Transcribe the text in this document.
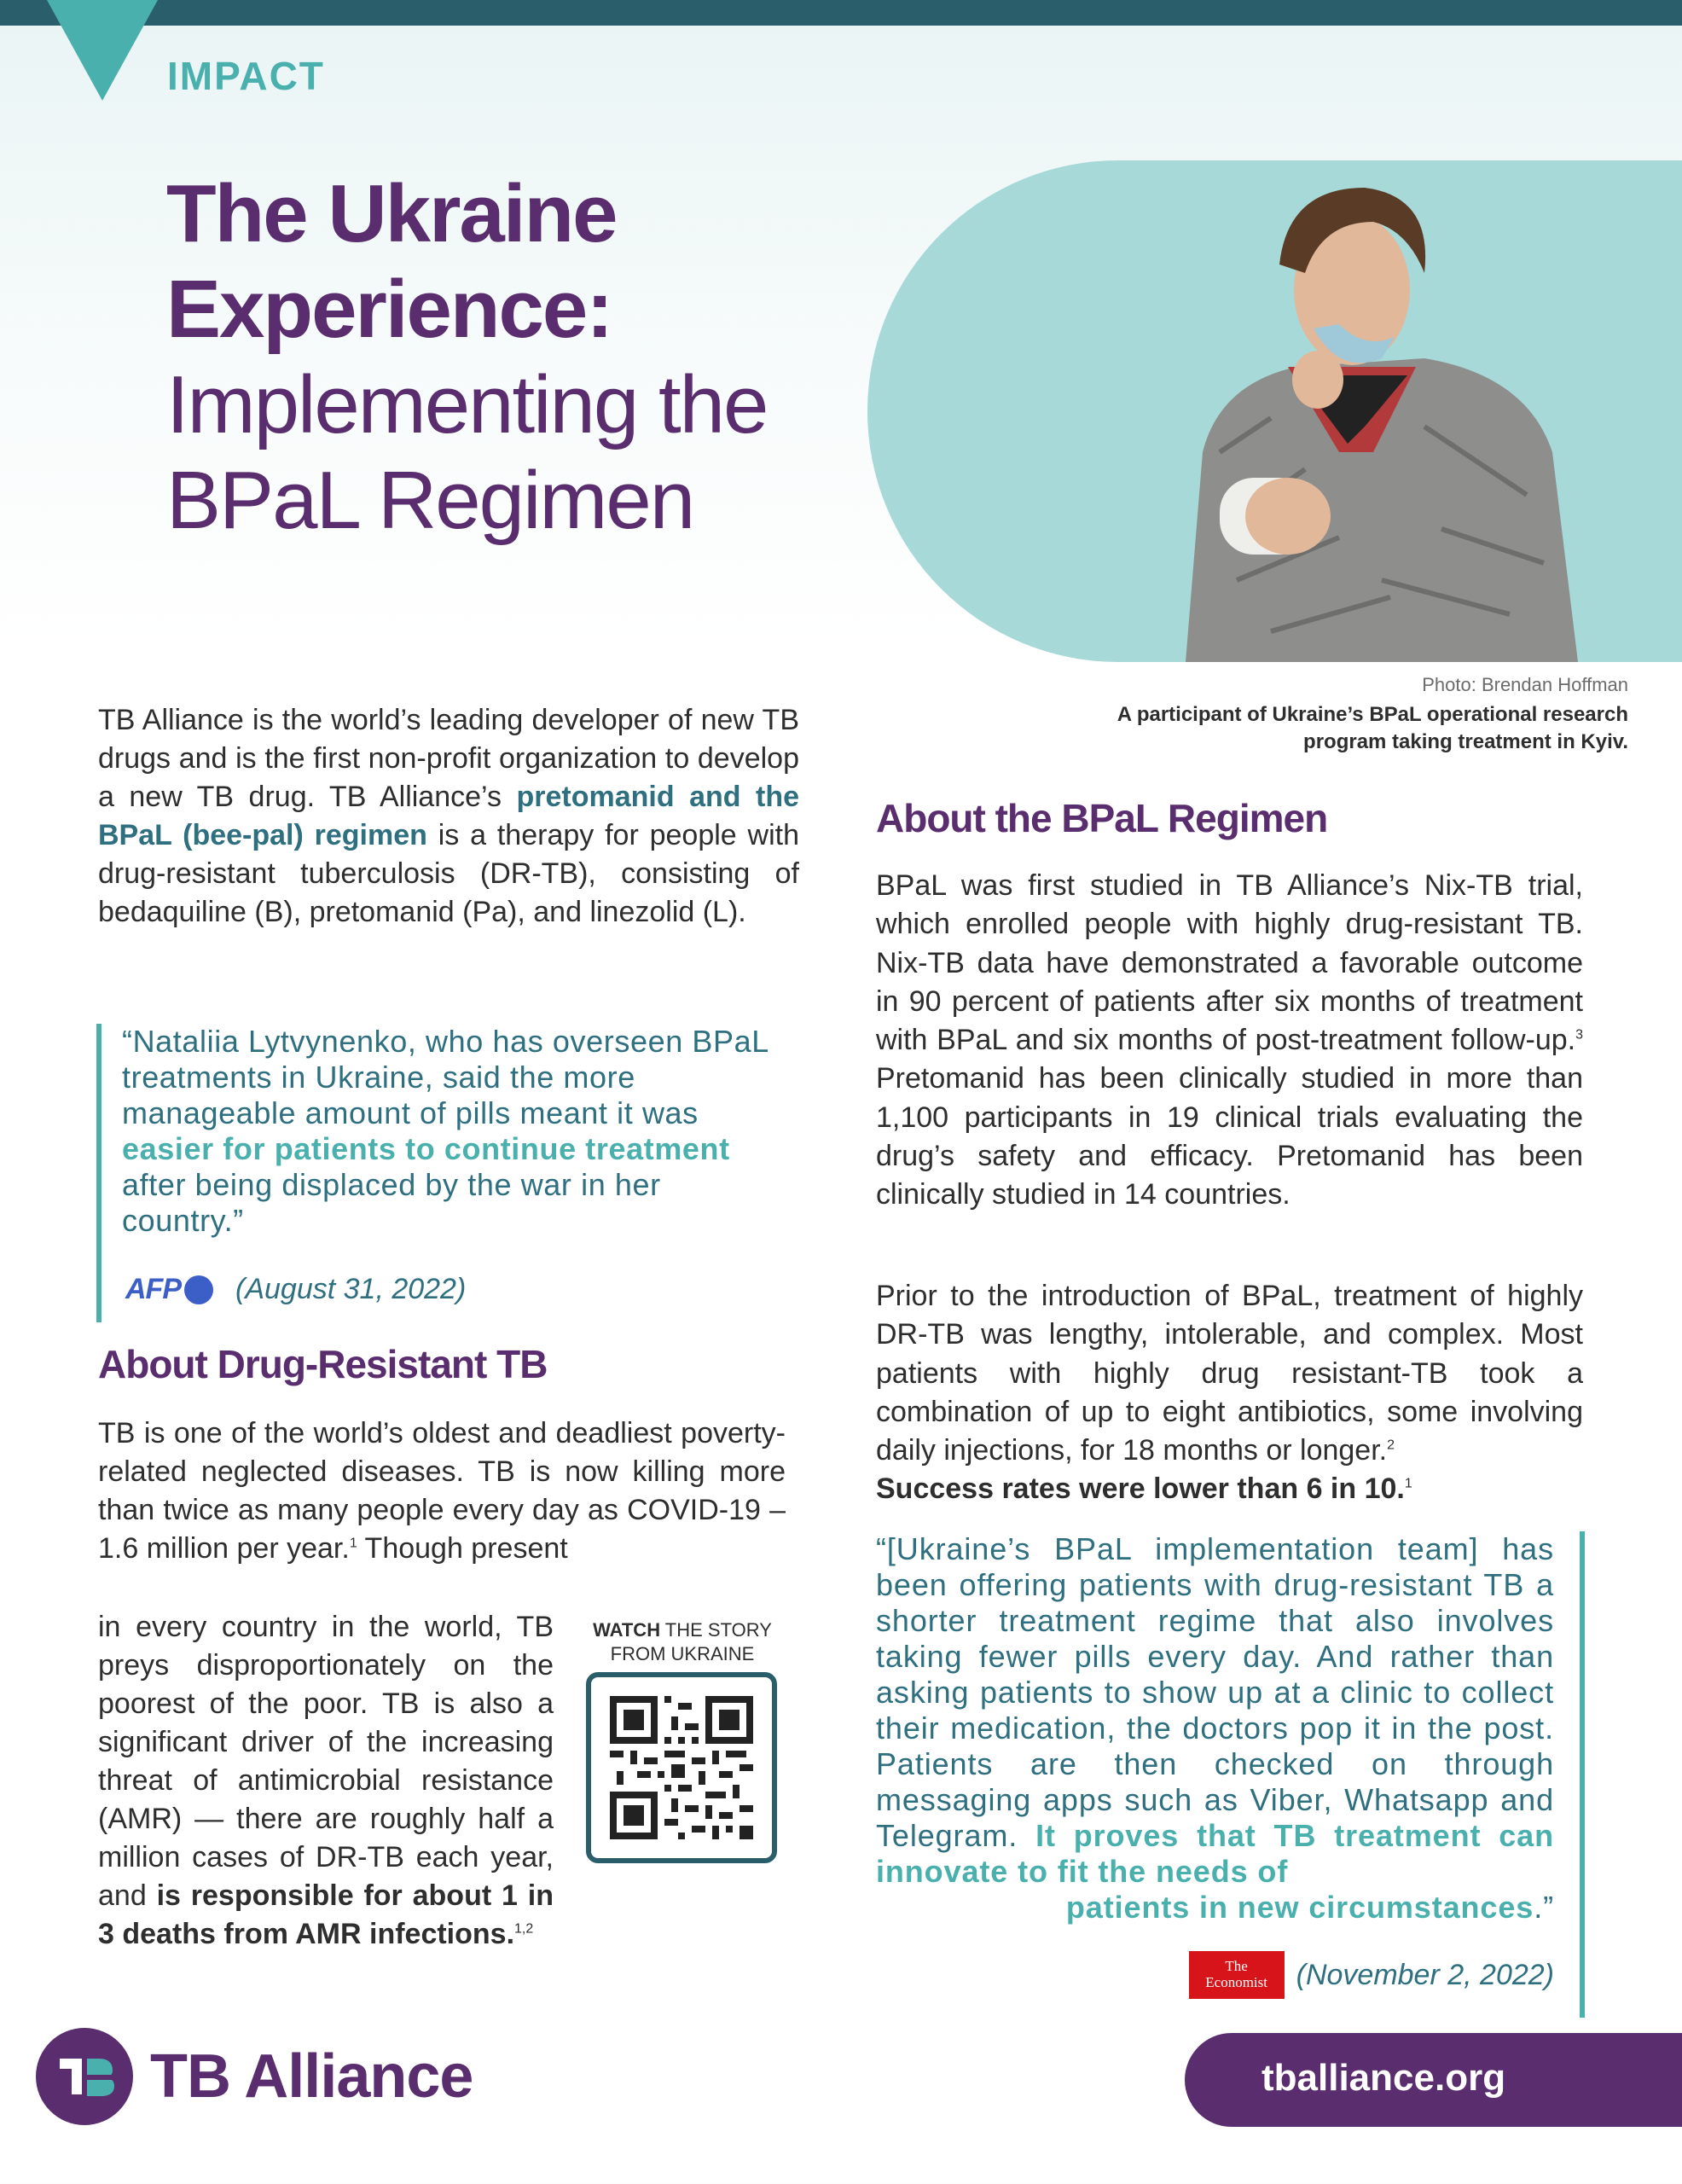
IMPACT
The Ukraine
Experience:
Implementing the
BPaL Regimen
Photo: Brendan Hoffman
A participant of Ukraine’s BPaL operational research program taking treatment in Kyiv.

TB Alliance is the world’s leading developer of new TB drugs and is the first non-profit organization to develop a new TB drug. TB Alliance’s pretomanid and the BPaL (bee-pal) regimen is a therapy for people with drug-resistant tuberculosis (DR-TB), consisting of bedaquiline (B), pretomanid (Pa), and linezolid (L).

“Nataliia Lytvynenko, who has overseen BPaL treatments in Ukraine, said the more manageable amount of pills meant it was easier for patients to continue treatment after being displaced by the war in her country.”

AFP (August 31, 2022)
About Drug-Resistant TB

TB is one of the world’s oldest and deadliest poverty-related neglected diseases. TB is now killing more than twice as many people every day as COVID-19 – 1.6 million per year.$^1$ Though present

in every country in the world, TB preys disproportionately on the poorest of the poor. TB is also a significant driver of the increasing threat of antimicrobial resistance (AMR) — there are roughly half a million cases of DR-TB each year, and is responsible for about 1 in 3 deaths from AMR infections.$^{1,2}$

WATCH THE STORY
FROM UKRAINE
About the BPaL Regimen

BPaL was first studied in TB Alliance’s Nix-TB trial, which enrolled people with highly drug-resistant TB. Nix-TB data have demonstrated a favorable outcome in 90 percent of patients after six months of treatment with BPaL and six months of post-treatment follow-up.$^3$ Pretomanid has been clinically studied in more than 1,100 participants in 19 clinical trials evaluating the drug’s safety and efficacy. Pretomanid has been clinically studied in 14 countries.

Prior to the introduction of BPaL, treatment of highly DR-TB was lengthy, intolerable, and complex. Most patients with highly drug resistant-TB took a combination of up to eight antibiotics, some involving daily injections, for 18 months or longer.$^2$
Success rates were lower than 6 in 10.$^1$

“[Ukraine’s BPaL implementation team] has been offering patients with drug-resistant TB a shorter treatment regime that also involves taking fewer pills every day. And rather than asking patients to show up at a clinic to collect their medication, the doctors pop it in the post. Patients are then checked on through messaging apps such as Viber, Whatsapp and Telegram. It proves that TB treatment can innovate to fit the needs of
patients in new circumstances.”

The
Economist (November 2, 2022)
TB Alliance	tballiance.org
